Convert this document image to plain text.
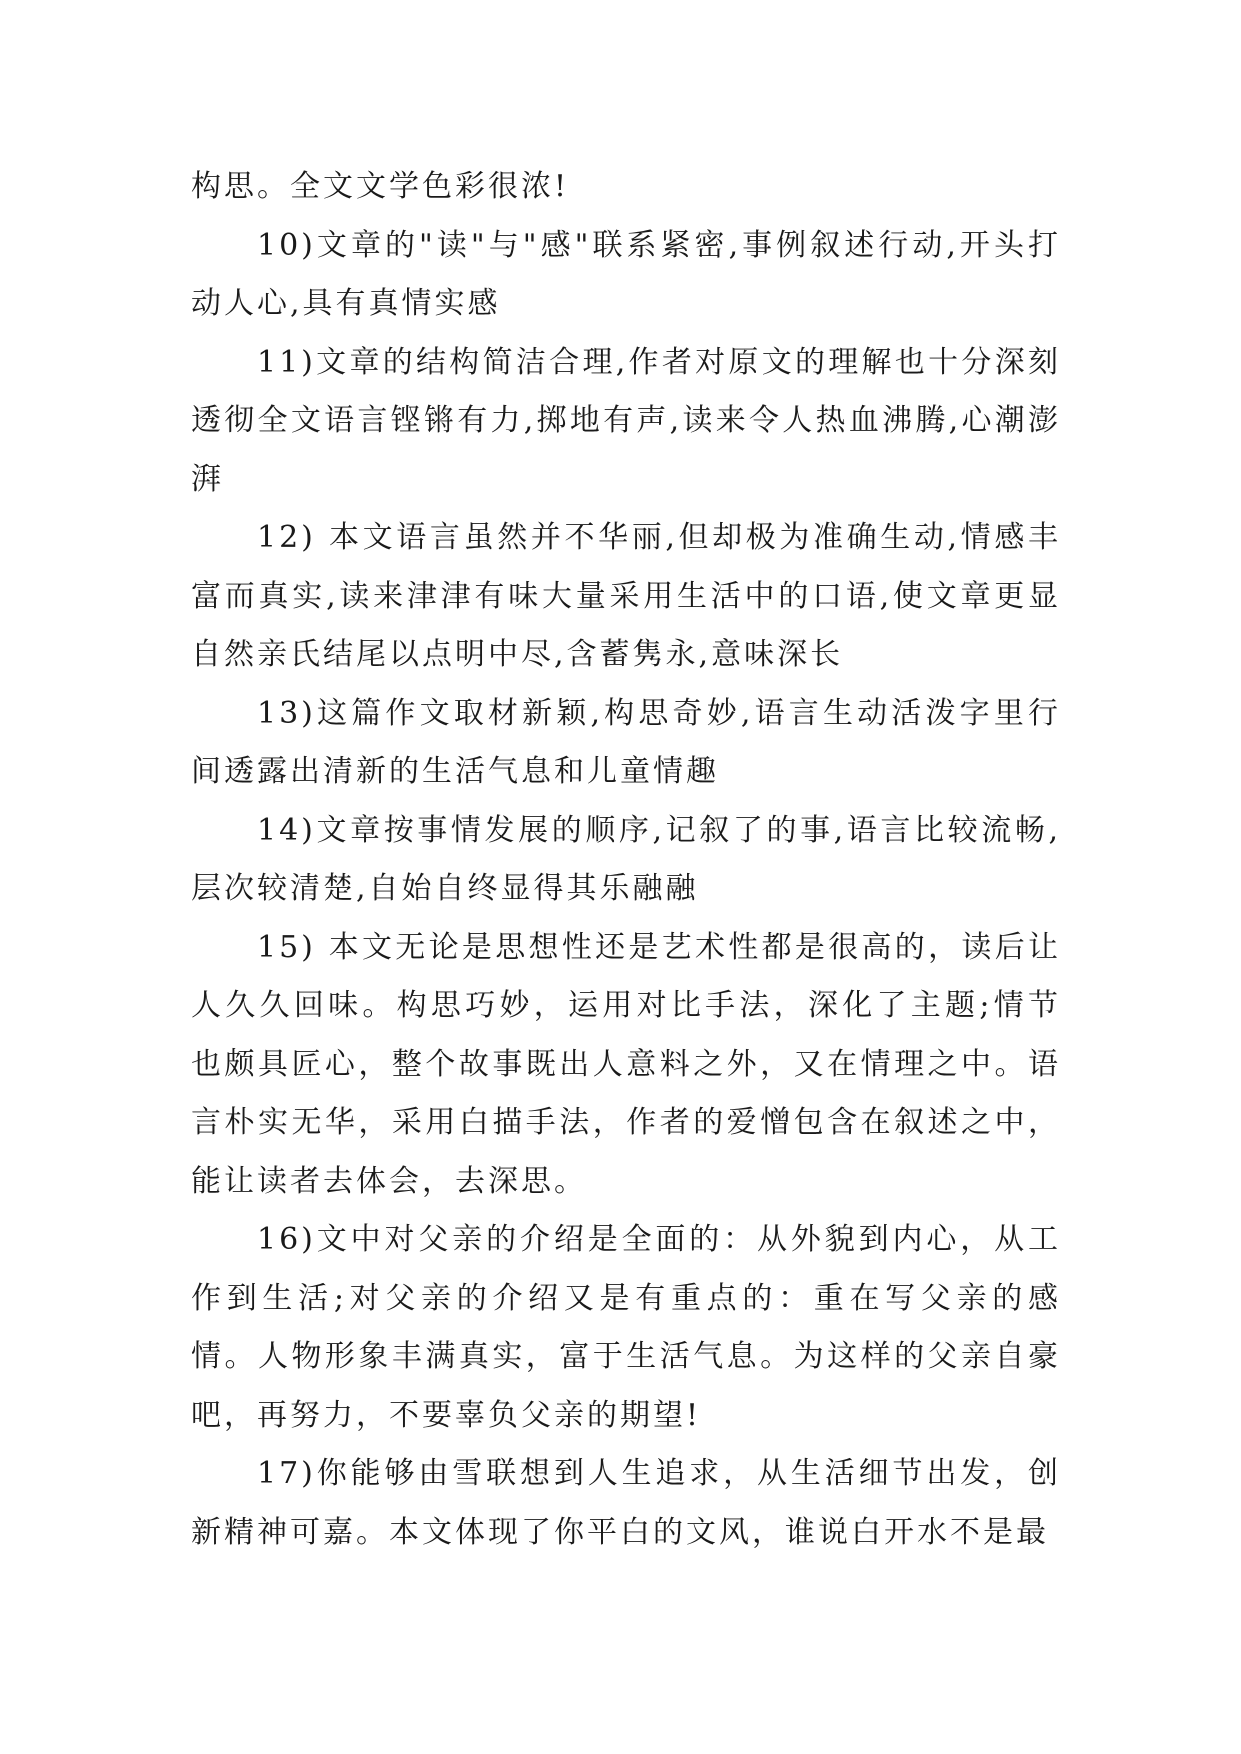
构思。全文文学色彩很浓!

10)文章的"读"与"感"联系紧密,事例叙述行动,开头打动人心,具有真情实感

11)文章的结构简洁合理,作者对原文的理解也十分深刻透彻全文语言铿锵有力,掷地有声,读来令人热血沸腾,心潮澎湃

12) 本文语言虽然并不华丽,但却极为准确生动,情感丰富而真实,读来津津有味大量采用生活中的口语,使文章更显自然亲氏结尾以点明中尽,含蓄隽永,意味深长

13)这篇作文取材新颖,构思奇妙,语言生动活泼字里行间透露出清新的生活气息和儿童情趣

14)文章按事情发展的顺序,记叙了的事,语言比较流畅,层次较清楚,自始自终显得其乐融融

15) 本文无论是思想性还是艺术性都是很高的，读后让人久久回味。构思巧妙，运用对比手法，深化了主题;情节也颇具匠心，整个故事既出人意料之外，又在情理之中。语言朴实无华，采用白描手法，作者的爱憎包含在叙述之中，能让读者去体会，去深思。

16)文中对父亲的介绍是全面的：从外貌到内心，从工作到生活;对父亲的介绍又是有重点的：重在写父亲的感情。人物形象丰满真实，富于生活气息。为这样的父亲自豪吧，再努力，不要辜负父亲的期望!

17)你能够由雪联想到人生追求，从生活细节出发，创新精神可嘉。本文体现了你平白的文风，谁说白开水不是最
